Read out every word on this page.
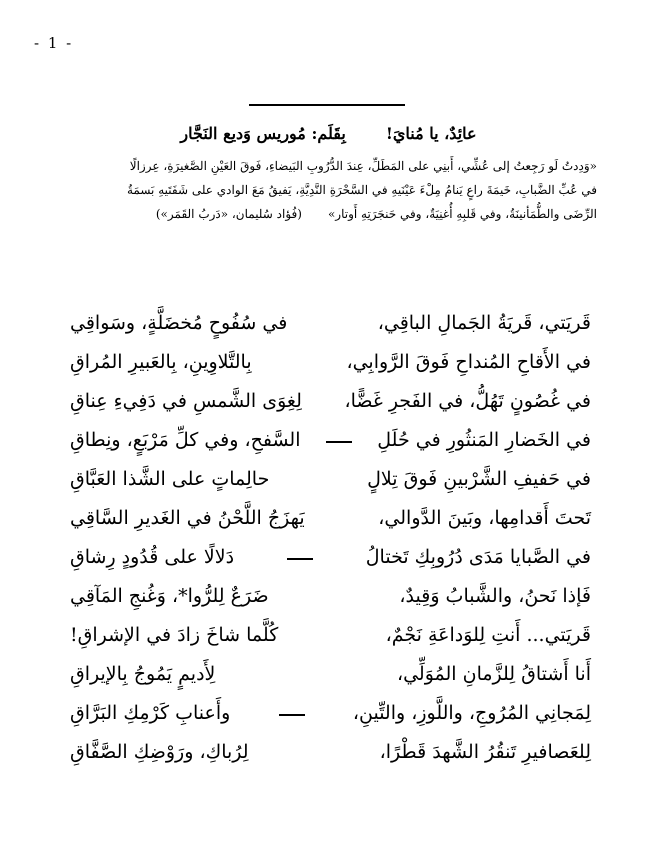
- 1 -
عائِدٌ، يا مُنايَ!بِقَلَم: مُوريس وَديع النَجَّار
«وَدِدتُ لَو رَجِعتُ إلى عُشِّي، أَبنِي على المَطَلِّ، عِندَ الدُّرُوبِ البَيضاءِ، فَوقَ العَيْنِ الصَّغيرَةِ، عِرزالًا
في عُبِّ الضَّبابِ، خَيمَةَ راعٍ يَنامُ مِلْءَ عَيْنَيهِ في السَّحْرَةِ النَّدِيَّةِ، يَفيقُ مَعَ الوادي على شَفَتَيهِ بَسمَةُ
الرِّضَى والطُّمَأنينَةُ، وفي قَلبِهِ أُغنِيَةٌ، وفي حَنجَرَتِهِ أَوتار»(فُؤاد سُليمان، «دَربُ القَمَر»)
قَريَتي، قَريَةُ الجَمالِ الباقِي،
في سُفُوحٍ مُخضَلَّةٍ، وسَواقِي
في الأَقاحِ المُنداحِ فَوقَ الرَّوابِي،
بِالتَّلاوِينِ، بِالعَبيرِ المُراقِ
في غُصُونٍ تَهُلُّ، في الفَجرِ غَضًّا،
لِغِوَى الشَّمسِ في دَفِيءِ عِناقِ
في الخَضارِ المَنثُورِ في حُلَلِ
السَّفحِ، وفي كلِّ مَرْبَعٍ، ونِطاقِ
في حَفيفِ الشَّرْبينِ فَوقَ تِلالٍ
حالِماتٍ على الشَّذا العَبَّاقِ
تَحتَ أَقدامِها، وبَينَ الدَّوالي،
يَهزَجُ اللَّحْنُ في الغَديرِ السَّاقِي
في الصَّبايا مَدَى دُرُوبِكِ تَختالُ
دَلالًا على قُدُودٍ رِشاقِ
فَإذا نَحنُ، والشَّبابُ وَقِيدٌ،
ضَرَعٌ لِلرُّوا*، وَغُنجِ المَآقِي
قَريَتي... أَنتِ لِلوَداعَةِ نَجْمٌ،
كُلَّما شاخَ زادَ في الإشراقِ!
أَنا أَشتاقُ لِلزَّمانِ المُوَلِّي،
لِأَديمٍ يَمُوجُ بِالإيراقِ
لِمَجانِي المُرُوجِ، واللَّوزِ، والتِّينِ،
وأَعنابِ كَرْمِكِ البَرَّاقِ
لِلعَصافيرِ تَنقُرُ الشَّهدَ قَطْرًا،
لِرُباكِ، ورَوْضِكِ الصَّفَّاقِ
